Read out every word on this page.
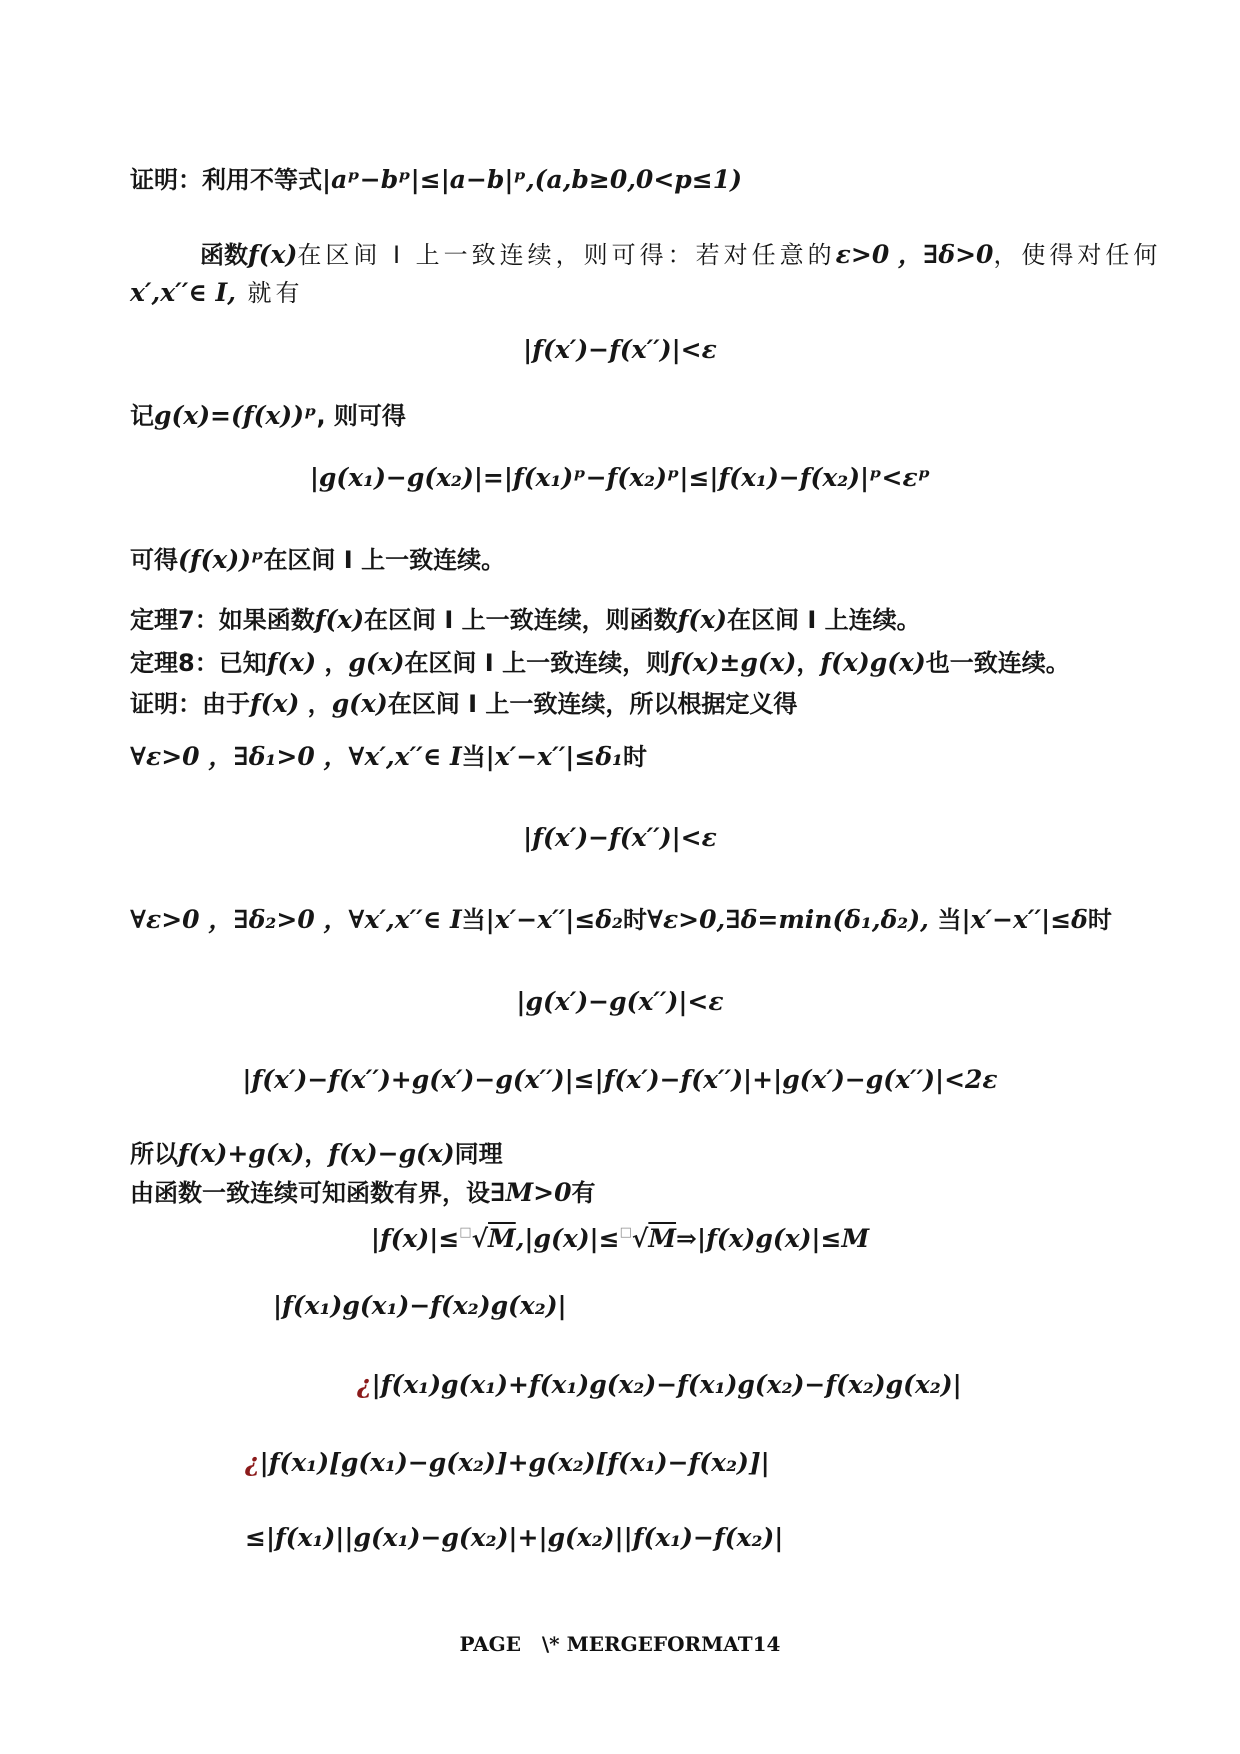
证明：利用不等式|aᵖ−bᵖ|≤|a−b|ᵖ,(a,b≥0,0<p≤1)
函数f(x)在区间 I 上一致连续，则可得：若对任意的ε>0 ，∃δ>0，使得对任何
x′,x′′∈ I, 就有
|f(x′)−f(x′′)|<ε
记g(x)=(f(x))ᵖ, 则可得
|g(x₁)−g(x₂)|=|f(x₁)ᵖ−f(x₂)ᵖ|≤|f(x₁)−f(x₂)|ᵖ<εᵖ
可得(f(x))ᵖ在区间 I 上一致连续。
定理7：如果函数f(x)在区间 I 上一致连续，则函数f(x)在区间 I 上连续。
定理8：已知f(x) ，g(x)在区间 I 上一致连续，则f(x)±g(x)，f(x)g(x)也一致连续。
证明：由于f(x) ，g(x)在区间 I 上一致连续，所以根据定义得
∀ε>0 ，∃δ₁>0 ，∀x′,x′′∈ I当|x′−x′′|≤δ₁时
|f(x′)−f(x′′)|<ε
∀ε>0 ，∃δ₂>0 ，∀x′,x′′∈ I当|x′−x′′|≤δ₂时∀ε>0,∃δ=min(δ₁,δ₂), 当|x′−x′′|≤δ时
|g(x′)−g(x′′)|<ε
|f(x′)−f(x′′)+g(x′)−g(x′′)|≤|f(x′)−f(x′′)|+|g(x′)−g(x′′)|<2ε
所以f(x)+g(x)，f(x)−g(x)同理
由函数一致连续可知函数有界，设∃M>0有
|f(x)|≤□√M,|g(x)|≤□√M⇒|f(x)g(x)|≤M
|f(x₁)g(x₁)−f(x₂)g(x₂)|
¿|f(x₁)g(x₁)+f(x₁)g(x₂)−f(x₁)g(x₂)−f(x₂)g(x₂)|
¿|f(x₁)[g(x₁)−g(x₂)]+g(x₂)[f(x₁)−f(x₂)]|
≤|f(x₁)||g(x₁)−g(x₂)|+|g(x₂)||f(x₁)−f(x₂)|
PAGE   \* MERGEFORMAT14
